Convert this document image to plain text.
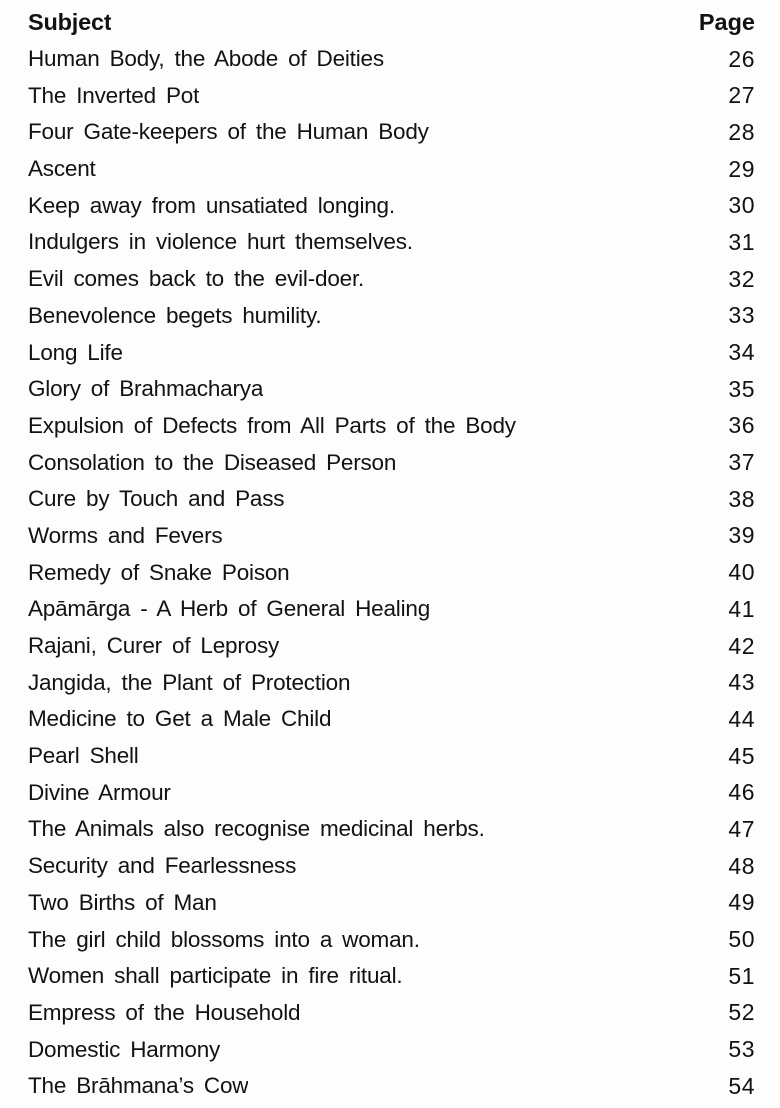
Subject	Page
Human Body, the Abode of Deities	26
The Inverted Pot	27
Four Gate-keepers of the Human Body	28
Ascent	29
Keep away from unsatiated longing.	30
Indulgers in violence hurt themselves.	31
Evil comes back to the evil-doer.	32
Benevolence begets humility.	33
Long Life	34
Glory of Brahmacharya	35
Expulsion of Defects from All Parts of the Body	36
Consolation to the Diseased Person	37
Cure by Touch and Pass	38
Worms and Fevers	39
Remedy of Snake Poison	40
Apāmārga - A Herb of General Healing	41
Rajani, Curer of Leprosy	42
Jangida, the Plant of Protection	43
Medicine to Get a Male Child	44
Pearl Shell	45
Divine Armour	46
The Animals also recognise medicinal herbs.	47
Security and Fearlessness	48
Two Births of Man	49
The girl child blossoms into a woman.	50
Women shall participate in fire ritual.	51
Empress of the Household	52
Domestic Harmony	53
The Brāhmana’s Cow	54
